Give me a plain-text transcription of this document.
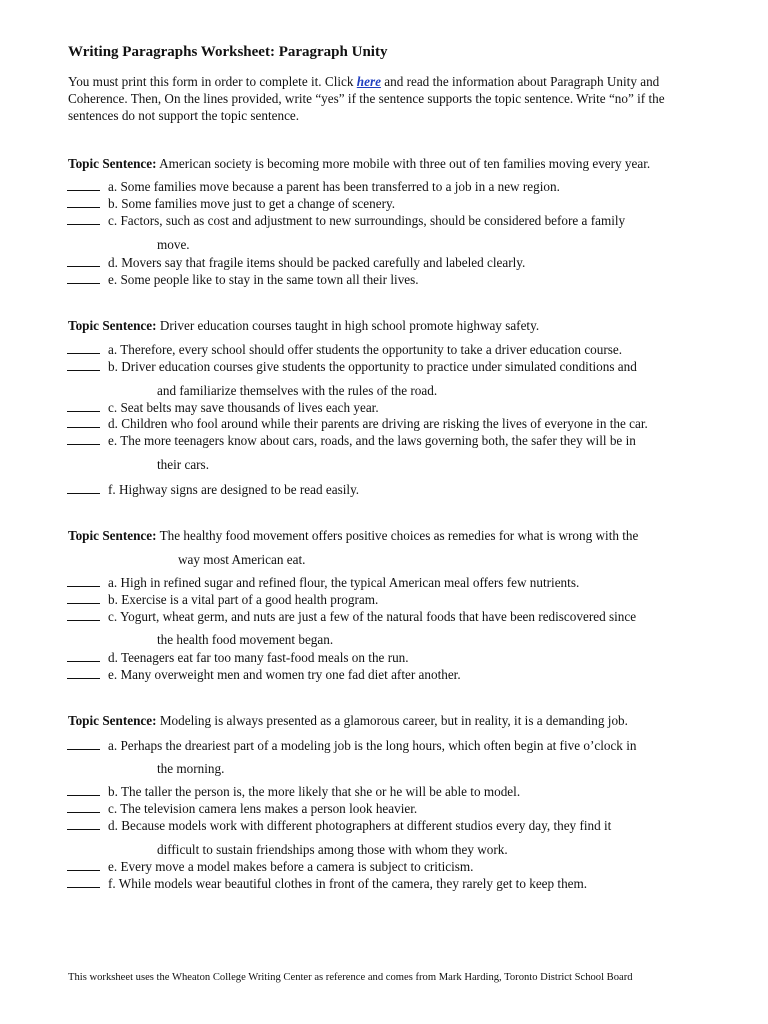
Writing Paragraphs Worksheet: Paragraph Unity
You must print this form in order to complete it. Click here and read the information about Paragraph Unity and Coherence. Then, On the lines provided, write “yes” if the sentence supports the topic sentence. Write “no” if the sentences do not support the topic sentence.
Topic Sentence: American society is becoming more mobile with three out of ten families moving every year.
a. Some families move because a parent has been transferred to a job in a new region.
b. Some families move just to get a change of scenery.
c. Factors, such as cost and adjustment to new surroundings, should be considered before a family
move.
d. Movers say that fragile items should be packed carefully and labeled clearly.
e. Some people like to stay in the same town all their lives.
Topic Sentence: Driver education courses taught in high school promote highway safety.
a. Therefore, every school should offer students the opportunity to take a driver education course.
b. Driver education courses give students the opportunity to practice under simulated conditions and
and familiarize themselves with the rules of the road.
c. Seat belts may save thousands of lives each year.
d. Children who fool around while their parents are driving are risking the lives of everyone in the car.
e. The more teenagers know about cars, roads, and the laws governing both, the safer they will be in
their cars.
f. Highway signs are designed to be read easily.
Topic Sentence: The healthy food movement offers positive choices as remedies for what is wrong with the
way most American eat.
a. High in refined sugar and refined flour, the typical American meal offers few nutrients.
b. Exercise is a vital part of a good health program.
c. Yogurt, wheat germ, and nuts are just a few of the natural foods that have been rediscovered since
the health food movement began.
d. Teenagers eat far too many fast-food meals on the run.
e. Many overweight men and women try one fad diet after another.
Topic Sentence: Modeling is always presented as a glamorous career, but in reality, it is a demanding job.
a. Perhaps the dreariest part of a modeling job is the long hours, which often begin at five o’clock in
the morning.
b. The taller the person is, the more likely that she or he will be able to model.
c. The television camera lens makes a person look heavier.
d. Because models work with different photographers at different studios every day, they find it
difficult to sustain friendships among those with whom they work.
e. Every move a model makes before a camera is subject to criticism.
f. While models wear beautiful clothes in front of the camera, they rarely get to keep them.
This worksheet uses the Wheaton College Writing Center as reference and comes from Mark Harding, Toronto District School Board
